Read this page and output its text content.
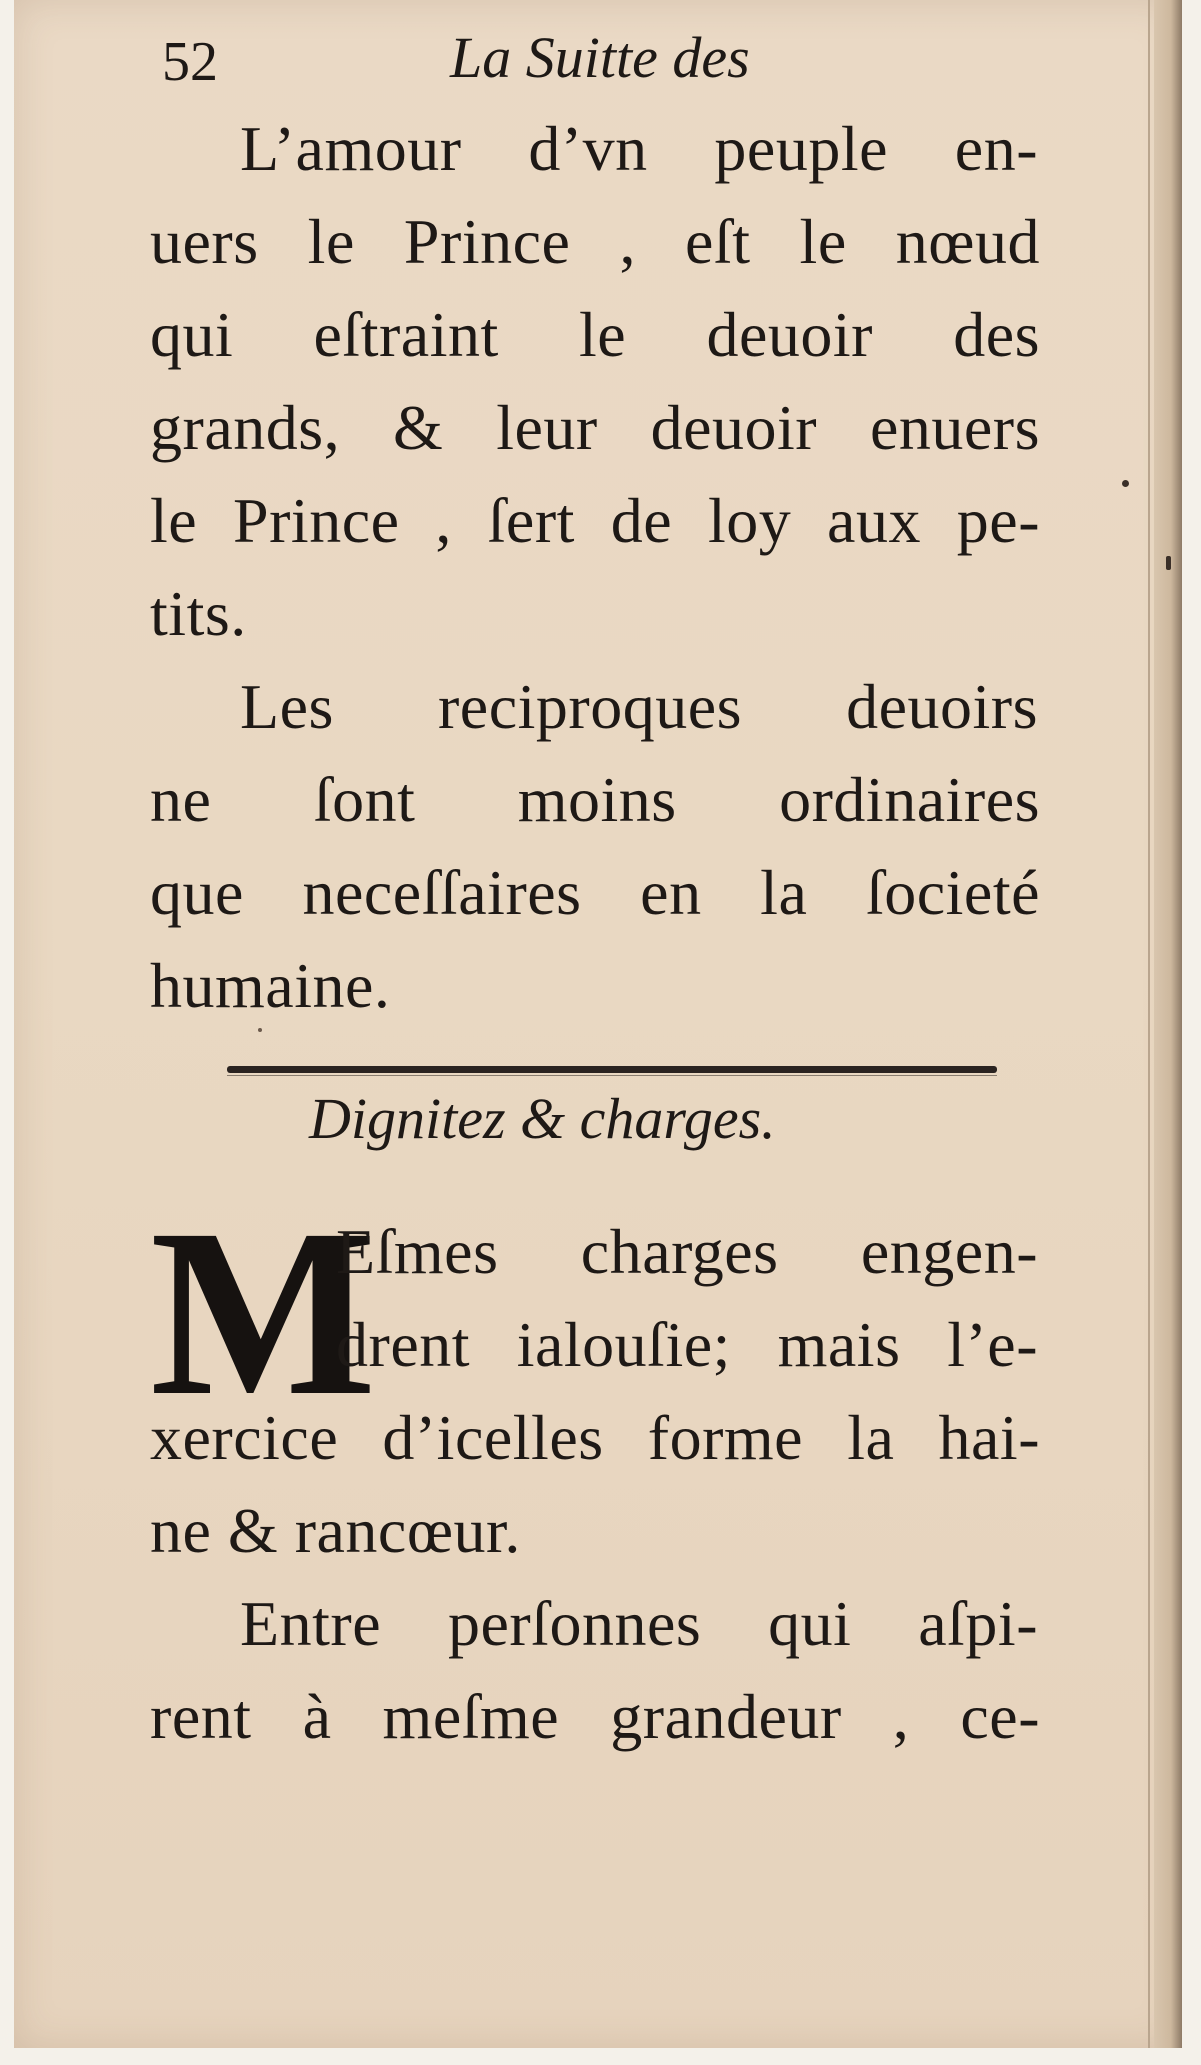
52	La Suitte des
L’amour d’vn peuple en-
uers le Prince , eſt le nœud
qui eſtraint le deuoir des
grands, & leur deuoir enuers
le Prince , ſert de loy aux pe-
tits.
Les reciproques deuoirs
ne ſont moins ordinaires
que neceſſaires en la ſocieté
humaine.
Dignitez & charges.
M
Eſmes charges engen-
drent ialouſie; mais l’e-
xercice d’icelles forme la hai-
ne & rancœur.
Entre perſonnes qui aſpi-
rent à meſme grandeur , ce-
